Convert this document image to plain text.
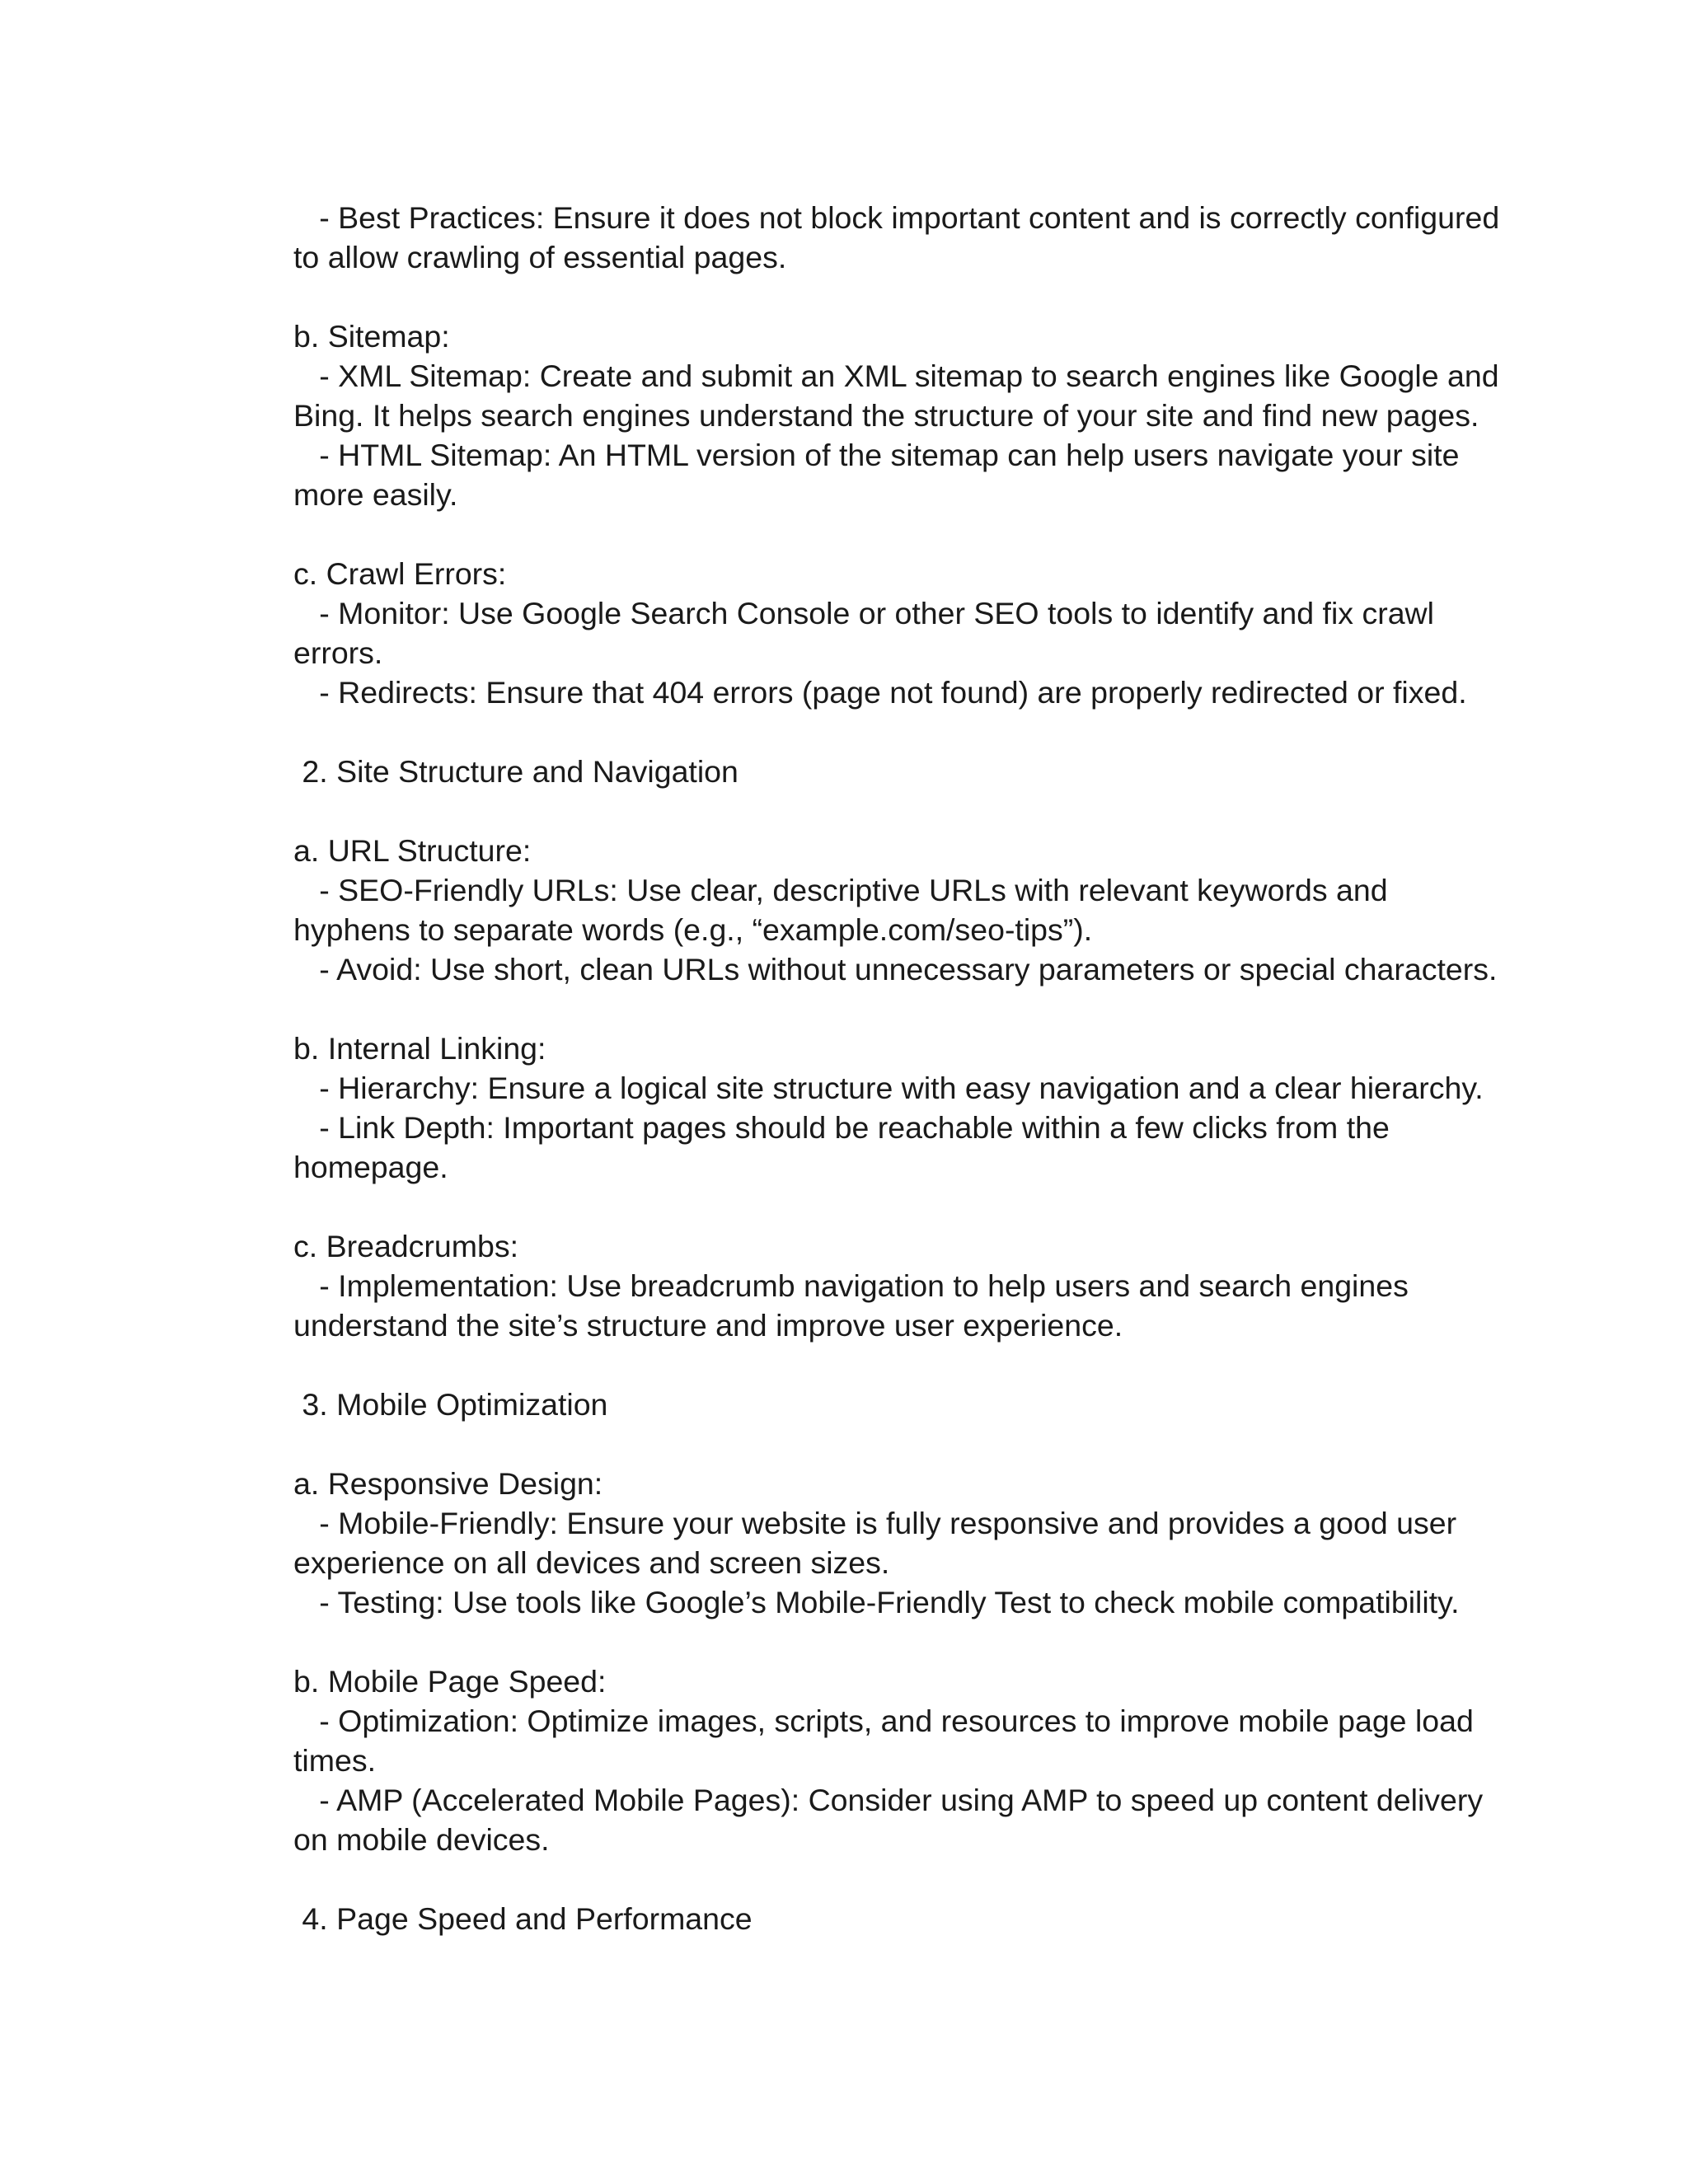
- Best Practices: Ensure it does not block important content and is correctly configured
to allow crawling of essential pages.
b. Sitemap:
- XML Sitemap: Create and submit an XML sitemap to search engines like Google and
Bing. It helps search engines understand the structure of your site and find new pages.
- HTML Sitemap: An HTML version of the sitemap can help users navigate your site
more easily.
c. Crawl Errors:
- Monitor: Use Google Search Console or other SEO tools to identify and fix crawl
errors.
- Redirects: Ensure that 404 errors (page not found) are properly redirected or fixed.
2. Site Structure and Navigation
a. URL Structure:
- SEO-Friendly URLs: Use clear, descriptive URLs with relevant keywords and
hyphens to separate words (e.g., “example.com/seo-tips”).
- Avoid: Use short, clean URLs without unnecessary parameters or special characters.
b. Internal Linking:
- Hierarchy: Ensure a logical site structure with easy navigation and a clear hierarchy.
- Link Depth: Important pages should be reachable within a few clicks from the
homepage.
c. Breadcrumbs:
- Implementation: Use breadcrumb navigation to help users and search engines
understand the site’s structure and improve user experience.
3. Mobile Optimization
a. Responsive Design:
- Mobile-Friendly: Ensure your website is fully responsive and provides a good user
experience on all devices and screen sizes.
- Testing: Use tools like Google’s Mobile-Friendly Test to check mobile compatibility.
b. Mobile Page Speed:
- Optimization: Optimize images, scripts, and resources to improve mobile page load
times.
- AMP (Accelerated Mobile Pages): Consider using AMP to speed up content delivery
on mobile devices.
4. Page Speed and Performance
